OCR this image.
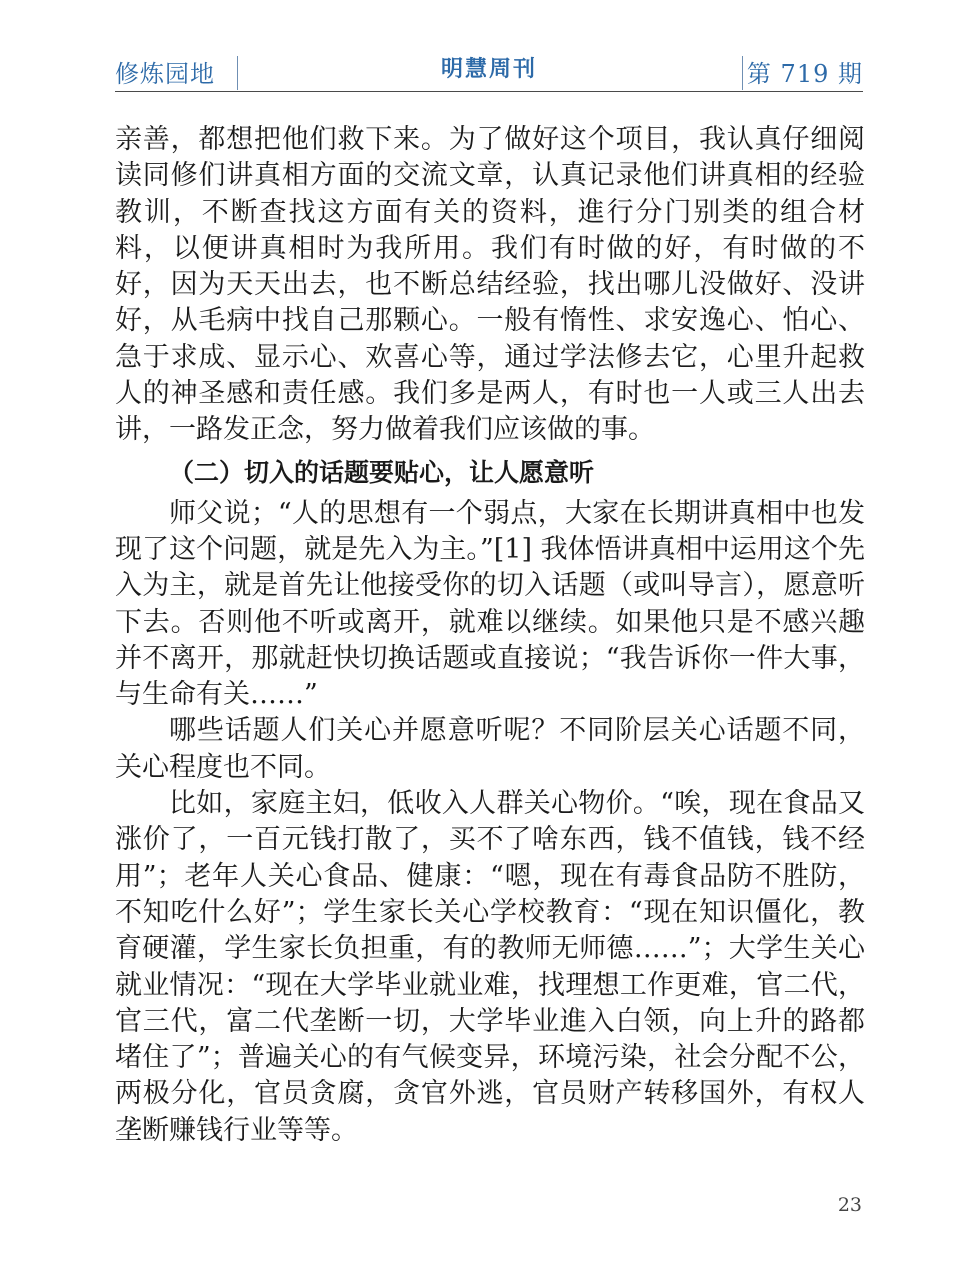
修炼园地	明慧周刊	第 719 期

亲善，都想把他们救下来。为了做好这个项目，我认真仔细阅读同修们讲真相方面的交流文章，认真记录他们讲真相的经验教训，不断查找这方面有关的资料，進行分门别类的组合材料，以便讲真相时为我所用。我们有时做的好，有时做的不好，因为天天出去，也不断总结经验，找出哪儿没做好、没讲好，从毛病中找自己那颗心。一般有惰性、求安逸心、怕心、急于求成、显示心、欢喜心等，通过学法修去它，心里升起救人的神圣感和责任感。我们多是两人，有时也一人或三人出去讲，一路发正念，努力做着我们应该做的事。

（二）切入的话题要贴心，让人愿意听

师父说；“人的思想有一个弱点，大家在长期讲真相中也发现了这个问题，就是先入为主。”[1] 我体悟讲真相中运用这个先入为主，就是首先让他接受你的切入话题（或叫导言），愿意听下去。否则他不听或离开，就难以继续。如果他只是不感兴趣并不离开，那就赶快切换话题或直接说；“我告诉你一件大事，与生命有关……”

哪些话题人们关心并愿意听呢？不同阶层关心话题不同，关心程度也不同。

比如，家庭主妇，低收入人群关心物价。“唉，现在食品又涨价了，一百元钱打散了，买不了啥东西，钱不值钱，钱不经用”；老年人关心食品、健康：“嗯，现在有毒食品防不胜防，不知吃什么好”；学生家长关心学校教育：“现在知识僵化，教育硬灌，学生家长负担重，有的教师无师德……”；大学生关心就业情况：“现在大学毕业就业难，找理想工作更难，官二代，官三代，富二代垄断一切，大学毕业進入白领，向上升的路都堵住了”；普遍关心的有气候变异，环境污染，社会分配不公，两极分化，官员贪腐，贪官外逃，官员财产转移国外，有权人垄断赚钱行业等等。

23
